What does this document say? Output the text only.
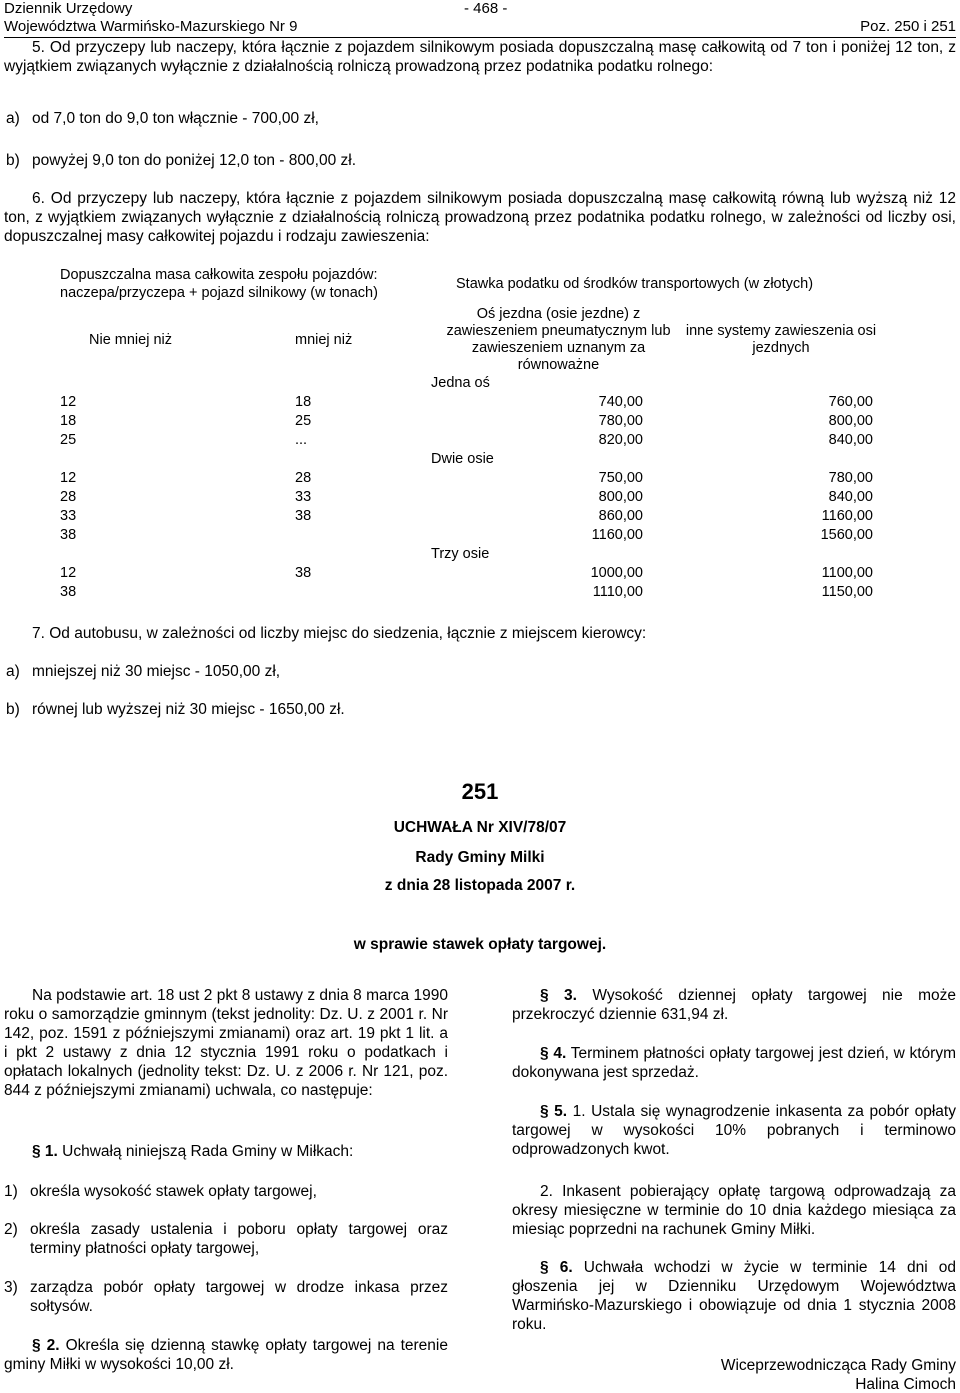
Dziennik Urzędowy	- 468 -
Województwa Warmińsko-Mazurskiego Nr 9	Poz. 250 i 251
5. Od przyczepy lub naczepy, która łącznie z pojazdem silnikowym posiada dopuszczalną masę całkowitą od 7 ton i poniżej 12 ton, z wyjątkiem związanych wyłącznie z działalnością rolniczą prowadzoną przez podatnika podatku rolnego:
a) od 7,0 ton do 9,0 ton włącznie - 700,00 zł,
b) powyżej 9,0 ton do poniżej 12,0 ton - 800,00 zł.
6. Od przyczepy lub naczepy, która łącznie z pojazdem silnikowym posiada dopuszczalną masę całkowitą równą lub wyższą niż 12 ton, z wyjątkiem związanych wyłącznie z działalnością rolniczą prowadzoną przez podatnika podatku rolnego, w zależności od liczby osi, dopuszczalnej masy całkowitej pojazdu i rodzaju zawieszenia:
Dopuszczalna masa całkowita zespołu pojazdów: naczepa/przyczepa + pojazd silnikowy (w tonach)		Stawka podatku od środków transportowych (w złotych)	
Nie mniej niż	mniej niż	Oś jezdna (osie jezdne) z zawieszeniem pneumatycznym lub zawieszeniem uznanym za równoważne	inne systemy zawieszenia osi jezdnych
Jedna oś			
12	18	740,00	760,00
18	25	780,00	800,00
25	...	820,00	840,00
Dwie osie			
12	28	750,00	780,00
28	33	800,00	840,00
33	38	860,00	1160,00
38		1160,00	1560,00
Trzy osie			
12	38	1000,00	1100,00
38		1110,00	1150,00
7. Od autobusu, w zależności od liczby miejsc do siedzenia, łącznie z miejscem kierowcy:
a) mniejszej niż 30 miejsc - 1050,00 zł,
b) równej lub wyższej niż 30 miejsc - 1650,00 zł.
251
UCHWAŁA Nr XIV/78/07
Rady Gminy Milki
z dnia 28 listopada 2007 r.
w sprawie stawek opłaty targowej.
Na podstawie art. 18 ust 2 pkt 8 ustawy z dnia 8 marca 1990 roku o samorządzie gminnym (tekst jednolity: Dz. U. z 2001 r. Nr 142, poz. 1591 z późniejszymi zmianami) oraz art. 19 pkt 1 lit. a i pkt 2 ustawy z dnia 12 stycznia 1991 roku o podatkach i opłatach lokalnych (jednolity tekst: Dz. U. z 2006 r. Nr 121, poz. 844 z późniejszymi zmianami) uchwala, co następuje:
§ 1. Uchwałą niniejszą Rada Gminy w Miłkach:
1) określa wysokość stawek opłaty targowej,
2) określa zasady ustalenia i poboru opłaty targowej oraz terminy płatności opłaty targowej,
3) zarządza pobór opłaty targowej w drodze inkasa przez sołtysów.
§ 2. Określa się dzienną stawkę opłaty targowej na terenie gminy Miłki w wysokości 10,00 zł.
§ 3. Wysokość dziennej opłaty targowej nie może przekroczyć dziennie 631,94 zł.
§ 4. Terminem płatności opłaty targowej jest dzień, w którym dokonywana jest sprzedaż.
§ 5. 1. Ustala się wynagrodzenie inkasenta za pobór opłaty targowej w wysokości 10% pobranych i terminowo odprowadzonych kwot.
2. Inkasent pobierający opłatę targową odprowadzają za okresy miesięczne w terminie do 10 dnia każdego miesiąca za miesiąc poprzedni na rachunek Gminy Miłki.
§ 6. Uchwała wchodzi w życie w terminie 14 dni od głoszenia jej w Dzienniku Urzędowym Województwa Warmińsko-Mazurskiego i obowiązuje od dnia 1 stycznia 2008 roku.
Wiceprzewodnicząca Rady Gminy
Halina Cimoch
